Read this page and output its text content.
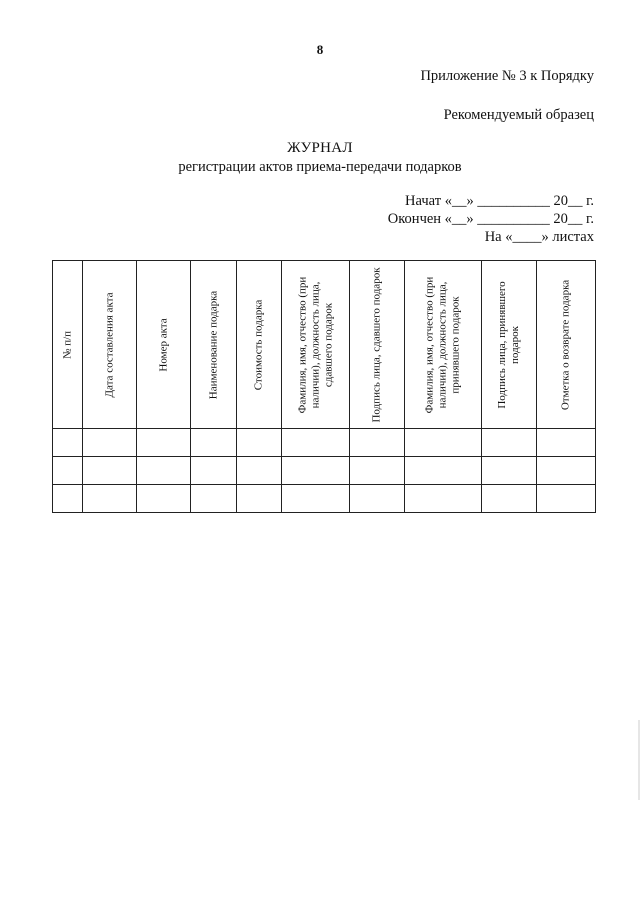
8
Приложение № 3 к Порядку
Рекомендуемый образец
ЖУРНАЛ
регистрации актов приема-передачи подарков
Начат «__» __________ 20__ г.
Окончен «__» __________ 20__ г.
На «____» листах
№ п/п	Дата составления акта	Номер акта	Наименование подарка	Стоимость подарка	Фамилия, имя, отчество (при наличии), должность лица, сдавшего подарок	Подпись лица, сдавшего подарок	Фамилия, имя, отчество (при наличии), должность лица, принявшего подарок	Подпись лица, принявшего подарок	Отметка о возврате подарка
